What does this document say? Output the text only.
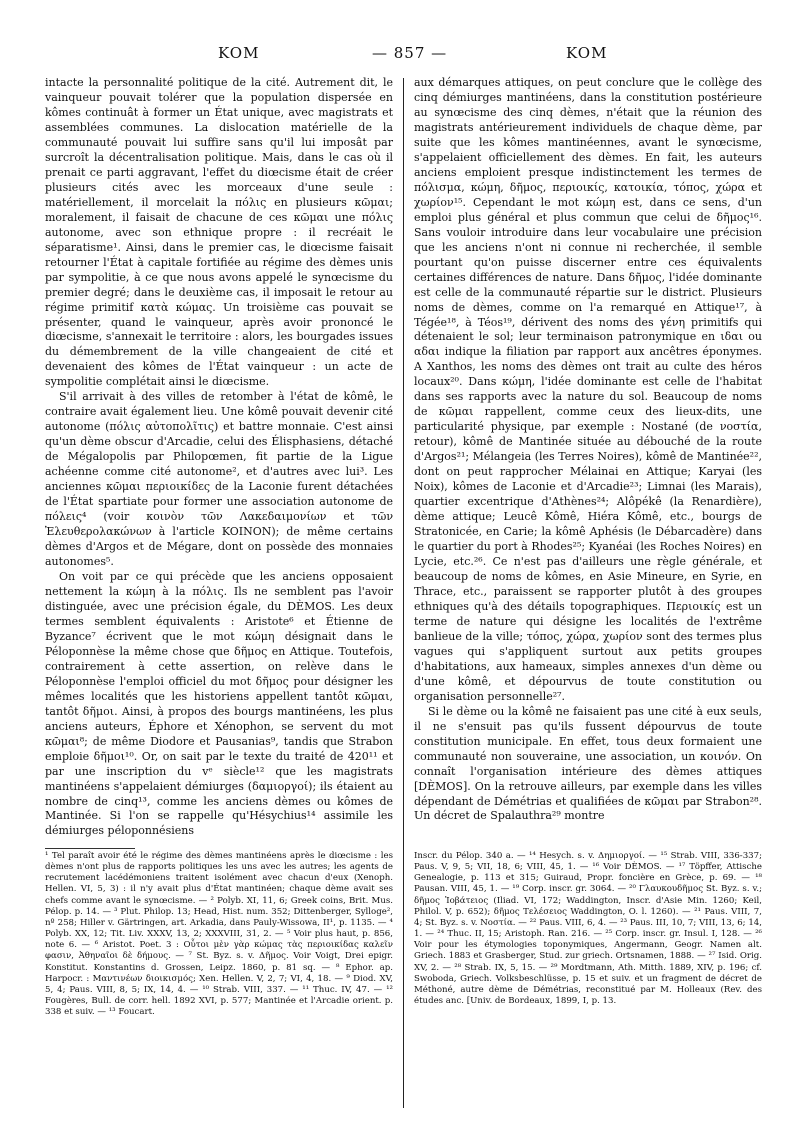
KOM	— 857 —	KOM

intacte la personnalité politique de la cité. Autrement dit, le vainqueur pouvait tolérer que la population dispersée en kômes continuât à former un État unique, avec magistrats et assemblées communes. La dislocation matérielle de la communauté pouvait lui suffire sans qu'il lui imposât par surcroît la décentralisation politique. Mais, dans le cas où il prenait ce parti aggravant, l'effet du diœcisme était de créer plusieurs cités avec les morceaux d'une seule : matériellement, il morcelait la πόλις en plusieurs κῶμαι; moralement, il faisait de chacune de ces κῶμαι une πόλις autonome, avec son ethnique propre : il recréait le séparatisme¹. Ainsi, dans le premier cas, le diœcisme faisait retourner l'État à capitale fortifiée au régime des dèmes unis par sympolitie, à ce que nous avons appelé le synœcisme du premier degré; dans le deuxième cas, il imposait le retour au régime primitif κατὰ κώμας. Un troisième cas pouvait se présenter, quand le vainqueur, après avoir prononcé le diœcisme, s'annexait le territoire : alors, les bourgades issues du démembrement de la ville changeaient de cité et devenaient des kômes de l'État vainqueur : un acte de sympolitie complétait ainsi le diœcisme.

S'il arrivait à des villes de retomber à l'état de kômê, le contraire avait également lieu. Une kômê pouvait devenir cité autonome (πόλις αὐτοπολῖτις) et battre monnaie. C'est ainsi qu'un dème obscur d'Arcadie, celui des Élisphasiens, détaché de Mégalopolis par Philopœmen, fit partie de la Ligue achéenne comme cité autonome², et d'autres avec lui³. Les anciennes κῶμαι περιοικίδες de la Laconie furent détachées de l'État spartiate pour former une association autonome de πόλεις⁴ (voir κοινὸν τῶν Λακεδαιμονίων et τῶν Ἐλευθερολακώνων à l'article KOINON); de même certains dèmes d'Argos et de Mégare, dont on possède des monnaies autonomes⁵.

On voit par ce qui précède que les anciens opposaient nettement la κώμη à la πόλις. Ils ne semblent pas l'avoir distinguée, avec une précision égale, du DÈMOS. Les deux termes semblent équivalents : Aristote⁶ et Étienne de Byzance⁷ écrivent que le mot κώμη désignait dans le Péloponnèse la même chose que δῆμος en Attique. Toutefois, contrairement à cette assertion, on relève dans le Péloponnèse l'emploi officiel du mot δῆμος pour désigner les mêmes localités que les historiens appellent tantôt κῶμαι, tantôt δῆμοι. Ainsi, à propos des bourgs mantinéens, les plus anciens auteurs, Éphore et Xénophon, se servent du mot κῶμαι⁸; de même Diodore et Pausanias⁹, tandis que Strabon emploie δῆμοι¹⁰. Or, on sait par le texte du traité de 420¹¹ et par une inscription du vᵉ siècle¹² que les magistrats mantinéens s'appelaient démiurges (δαμιοργοί); ils étaient au nombre de cinq¹³, comme les anciens dèmes ou kômes de Mantinée. Si l'on se rappelle qu'Hésychius¹⁴ assimile les démiurges péloponnésiens

aux démarques attiques, on peut conclure que le collège des cinq démiurges mantinéens, dans la constitution postérieure au synœcisme des cinq dèmes, n'était que la réunion des magistrats antérieurement individuels de chaque dème, par suite que les kômes mantinéennes, avant le synœcisme, s'appelaient officiellement des dèmes. En fait, les auteurs anciens emploient presque indistinctement les termes de πόλισμα, κώμη, δῆμος, περιοικίς, κατοικία, τόπος, χώρα et χωρίον¹⁵. Cependant le mot κώμη est, dans ce sens, d'un emploi plus général et plus commun que celui de δῆμος¹⁶. Sans vouloir introduire dans leur vocabulaire une précision que les anciens n'ont ni connue ni recherchée, il semble pourtant qu'on puisse discerner entre ces équivalents certaines différences de nature. Dans δῆμος, l'idée dominante est celle de la communauté répartie sur le district. Plusieurs noms de dèmes, comme on l'a remarqué en Attique¹⁷, à Tégée¹⁸, à Téos¹⁹, dérivent des noms des γένη primitifs qui détenaient le sol; leur terminaison patronymique en ιδαι ou αδαι indique la filiation par rapport aux ancêtres éponymes. A Xanthos, les noms des dèmes ont trait au culte des héros locaux²⁰. Dans κώμη, l'idée dominante est celle de l'habitat dans ses rapports avec la nature du sol. Beaucoup de noms de κῶμαι rappellent, comme ceux des lieux-dits, une particularité physique, par exemple : Nostané (de νοστία, retour), kômê de Mantinée située au débouché de la route d'Argos²¹; Mélangeia (les Terres Noires), kômê de Mantinée²², dont on peut rapprocher Mélainai en Attique; Karyai (les Noix), kômes de Laconie et d'Arcadie²³; Limnai (les Marais), quartier excentrique d'Athènes²⁴; Alôpékê (la Renardière), dème attique; Leucê Kômê, Hiéra Kômê, etc., bourgs de Stratonicée, en Carie; la kômê Aphésis (le Débarcadère) dans le quartier du port à Rhodes²⁵; Kyanéai (les Roches Noires) en Lycie, etc.²⁶. Ce n'est pas d'ailleurs une règle générale, et beaucoup de noms de kômes, en Asie Mineure, en Syrie, en Thrace, etc., paraissent se rapporter plutôt à des groupes ethniques qu'à des détails topographiques. Περιοικίς est un terme de nature qui désigne les localités de l'extrême banlieue de la ville; τόπος, χώρα, χωρίον sont des termes plus vagues qui s'appliquent surtout aux petits groupes d'habitations, aux hameaux, simples annexes d'un dème ou d'une kômê, et dépourvus de toute constitution ou organisation personnelle²⁷.

Si le dème ou la kômê ne faisaient pas une cité à eux seuls, il ne s'ensuit pas qu'ils fussent dépourvus de toute constitution municipale. En effet, tous deux formaient une communauté non souveraine, une association, un κοινόν. On connaît l'organisation intérieure des dèmes attiques [DÈMOS]. On la retrouve ailleurs, par exemple dans les villes dépendant de Démétrias et qualifiées de κῶμαι par Strabon²⁸. Un décret de Spalauthra²⁹ montre

¹ Tel paraît avoir été le régime des dèmes mantinéens après le diœcisme : les dèmes n'ont plus de rapports politiques les uns avec les autres; les agents de recrutement lacédémoniens traitent isolément avec chacun d'eux (Xenoph. Hellen. VI, 5, 3) : il n'y avait plus d'État mantinéen; chaque dème avait ses chefs comme avant le synœcisme. — ² Polyb. XI, 11, 6; Greek coins, Brit. Mus. Pélop. p. 14. — ³ Plut. Philop. 13; Head, Hist. num. 352; Dittenberger, Sylloge², nº 258; Hiller v. Gärtringen, art. Arkadia, dans Pauly-Wissowa, II¹, p. 1135. — ⁴ Polyb. XX, 12; Tit. Liv. XXXV, 13, 2; XXXVIII, 31, 2. — ⁵ Voir plus haut, p. 856, note 6. — ⁶ Aristot. Poet. 3 : Οὗτοι μὲν γὰρ κώμας τὰς περιοικίδας καλεῖν φασιν, Ἀθηναῖοι δὲ δήμους. — ⁷ St. Byz. s. v. Δῆμος. Voir Voigt, Drei epigr. Konstitut. Konstantins d. Grossen, Leipz. 1860, p. 81 sq. — ⁸ Ephor. ap. Harpocr. : Μαντινέων διοικισμός; Xen. Hellen. V, 2, 7; VI, 4, 18. — ⁹ Diod. XV, 5, 4; Paus. VIII, 8, 5; IX, 14, 4. — ¹⁰ Strab. VIII, 337. — ¹¹ Thuc. IV, 47. — ¹² Fougères, Bull. de corr. hell. 1892 XVI, p. 577; Mantinée et l'Arcadie orient. p. 338 et suiv. — ¹³ Foucart.
Inscr. du Pélop. 340 a. — ¹⁴ Hesych. s. v. Δημιοργοί. — ¹⁵ Strab. VIII, 336-337; Paus. V, 9, 5; VII, 18, 6; VIII, 45, 1. — ¹⁶ Voir DÈMOS. — ¹⁷ Töpffer, Attische Genealogie, p. 113 et 315; Guiraud, Propr. foncière en Grèce, p. 69. — ¹⁸ Pausan. VIII, 45, 1. — ¹⁹ Corp. inscr. gr. 3064. — ²⁰ Γλαυκουδῆμος St. Byz. s. v.; δῆμος Ἰοβάτειος (Iliad. VI, 172; Waddington, Inscr. d'Asie Min. 1260; Keil, Philol. V, p. 652); δῆμος Τελέσειος Waddington, O. l. 1260). — ²¹ Paus. VIII, 7, 4; St. Byz. s. v. Νοστία. — ²² Paus. VIII, 6, 4. — ²³ Paus. III, 10, 7; VIII, 13, 6; 14, 1. — ²⁴ Thuc. II, 15; Aristoph. Ran. 216. — ²⁵ Corp. inscr. gr. Insul. I, 128. — ²⁶ Voir pour les étymologies toponymiques, Angermann, Geogr. Namen alt. Griech. 1883 et Grasberger, Stud. zur griech. Ortsnamen, 1888. — ²⁷ Isid. Orig. XV, 2. — ²⁸ Strab. IX, 5, 15. — ²⁹ Mordtmann, Ath. Mitth. 1889, XIV, p. 196; cf. Swoboda, Griech. Volksbeschlüsse, p. 15 et suiv. et un fragment de décret de Méthoné, autre dème de Démétrias, reconstitué par M. Holleaux (Rev. des études anc. [Univ. de Bordeaux, 1899, I, p. 13.
